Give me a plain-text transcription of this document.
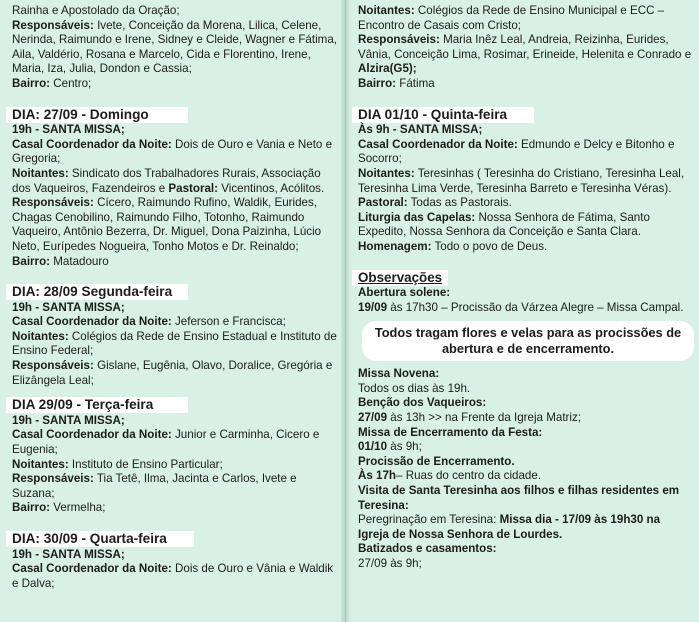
Rainha e Apostolado da Oração;

Responsáveis: Ivete, Conceição da Morena, Lilica, Celene, Nerinda, Raimundo e Irene, Sidney e Cleide, Wagner e Fátima, Aila, Valdério, Rosana e Marcelo, Cida e Florentino, Irene, Maria, Iza, Julia, Dondon e Cassia;

Bairro: Centro;

DIA: 27/09 - Domingo

19h - SANTA MISSA;

Casal Coordenador da Noite: Dois de Ouro e Vania e Neto e Gregoria;

Noitantes: Sindicato dos Trabalhadores Rurais, Associação dos Vaqueiros, Fazendeiros e Pastoral: Vicentinos, Acólitos.

Responsáveis: Cícero, Raimundo Rufino, Waldik, Eurides, Chagas Cenobilino, Raimundo Filho, Totonho, Raimundo Vaqueiro, Antônio Bezerra, Dr. Miguel, Dona Paizinha, Lúcio Neto, Eurípedes Nogueira, Tonho Motos e Dr. Reinaldo;

Bairro: Matadouro

DIA: 28/09 Segunda-feira

19h - SANTA MISSA;

Casal Coordenador da Noite: Jeferson e Francisca;

Noitantes: Colégios da Rede de Ensino Estadual e Instituto de Ensino Federal;

Responsáveis: Gislane, Eugênia, Olavo, Doralice, Gregória e Elizângela Leal;

DIA 29/09 - Terça-feira

19h - SANTA MISSA;

Casal Coordenador da Noite: Junior e Carminha, Cicero e Eugenia;

Noitantes: Instituto de Ensino Particular;

Responsáveis: Tia Tetê, Ilma, Jacinta e Carlos, Ivete e Suzana;

Bairro: Vermelha;

DIA: 30/09 - Quarta-feira

19h - SANTA MISSA;

Casal Coordenador da Noite: Dois de Ouro e Vânia e Waldik e Dalva;

Noitantes: Colégios da Rede de Ensino Municipal e ECC – Encontro de Casais com Cristo;

Responsáveis: Maria Inêz Leal, Andreia, Reizinha, Eurides, Vânia, Conceição Lima, Rosimar, Erineide, Helenita e Conrado e Alzira(G5);

Bairro: Fátima

DIA 01/10 - Quinta-feira

Às 9h - SANTA MISSA;

Casal Coordenador da Noite: Edmundo e Delcy e Bitonho e Socorro;

Noitantes: Teresinhas ( Teresinha do Cristiano, Teresinha Leal, Teresinha Lima Verde, Teresinha Barreto e Teresinha Véras).

Pastoral: Todas as Pastorais.

Liturgia das Capelas: Nossa Senhora de Fátima, Santo Expedito, Nossa Senhora da Conceição e Santa Clara.

Homenagem: Todo o povo de Deus.

Observações

Abertura solene:

19/09 às 17h30 – Procissão da Várzea Alegre – Missa Campal.

Todos tragam flores e velas para as procissões de abertura e de encerramento.

Missa Novena:

Todos os dias às 19h.

Benção dos Vaqueiros:

27/09 às 13h >> na Frente da Igreja Matriz;

Missa de Encerramento da Festa:

01/10 às 9h;

Procissão de Encerramento.

Às 17h– Ruas do centro da cidade.

Visita de Santa Teresinha aos filhos e filhas residentes em Teresina:

Peregrinação em Teresina: Missa dia - 17/09 às 19h30 na Igreja de Nossa Senhora de Lourdes.

Batizados e casamentos:

27/09 às 9h;
